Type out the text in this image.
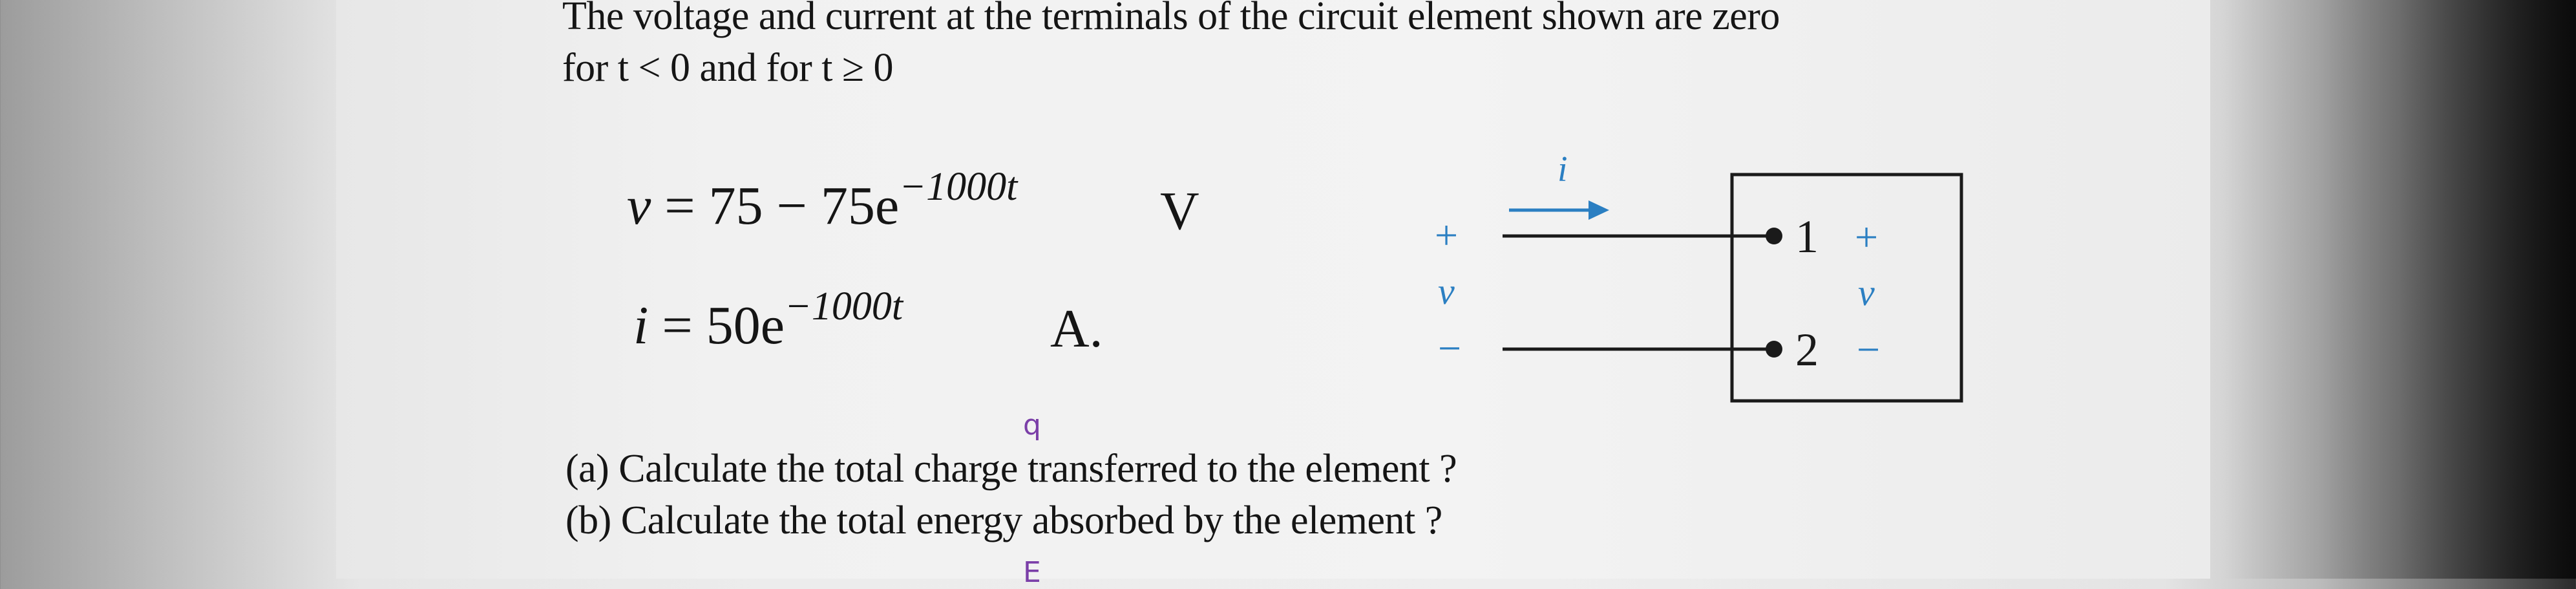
The voltage and current at the terminals of the circuit element shown are zero
for t < 0 and for t ≥ 0
$v = 75 - 75e^{-1000t}$	V
$i = 50e^{-1000t}$	A.
q
E
(a) Calculate the total charge transferred to the element ?
(b) Calculate the total energy absorbed by the element ?
i
+
v
−
1
2
+
v
−
